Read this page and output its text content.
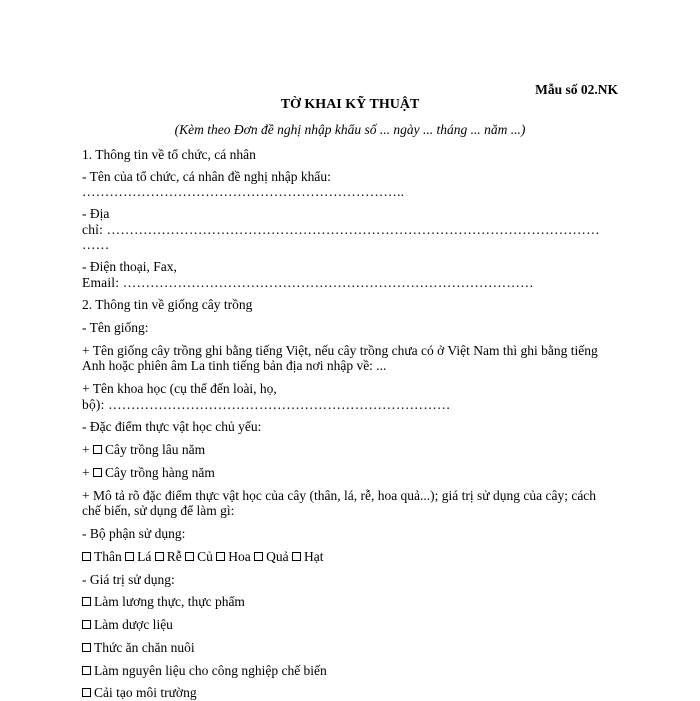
Mẫu số 02.NK
TỜ KHAI KỸ THUẬT
(Kèm theo Đơn đề nghị nhập khẩu số ... ngày ... tháng ... năm ...)
1. Thông tin về tổ chức, cá nhân
- Tên của tổ chức, cá nhân đề nghị nhập khẩu:
……………………………………………………………..
- Địa
chỉ: ………………………………………………………………………………………………
……
- Điện thoại, Fax,
Email: ………………………………………………………………………………
2. Thông tin về giống cây trồng
- Tên giống:
+ Tên giống cây trồng ghi bằng tiếng Việt, nếu cây trồng chưa có ở Việt Nam thì ghi bằng tiếng
Anh hoặc phiên âm La tinh tiếng bản địa nơi nhập về: ...
+ Tên khoa học (cụ thể đến loài, họ,
bộ): …………………………………………………………………
- Đặc điểm thực vật học chủ yếu:
+ Cây trồng lâu năm
+ Cây trồng hàng năm
+ Mô tả rõ đặc điểm thực vật học của cây (thân, lá, rễ, hoa quả...); giá trị sử dụng của cây; cách
chế biến, sử dụng để làm gì:
- Bộ phận sử dụng:
Thân Lá Rễ Củ Hoa Quả Hạt
- Giá trị sử dụng:
Làm lương thực, thực phẩm
Làm dược liệu
Thức ăn chăn nuôi
Làm nguyên liệu cho công nghiệp chế biến
Cải tạo môi trường
